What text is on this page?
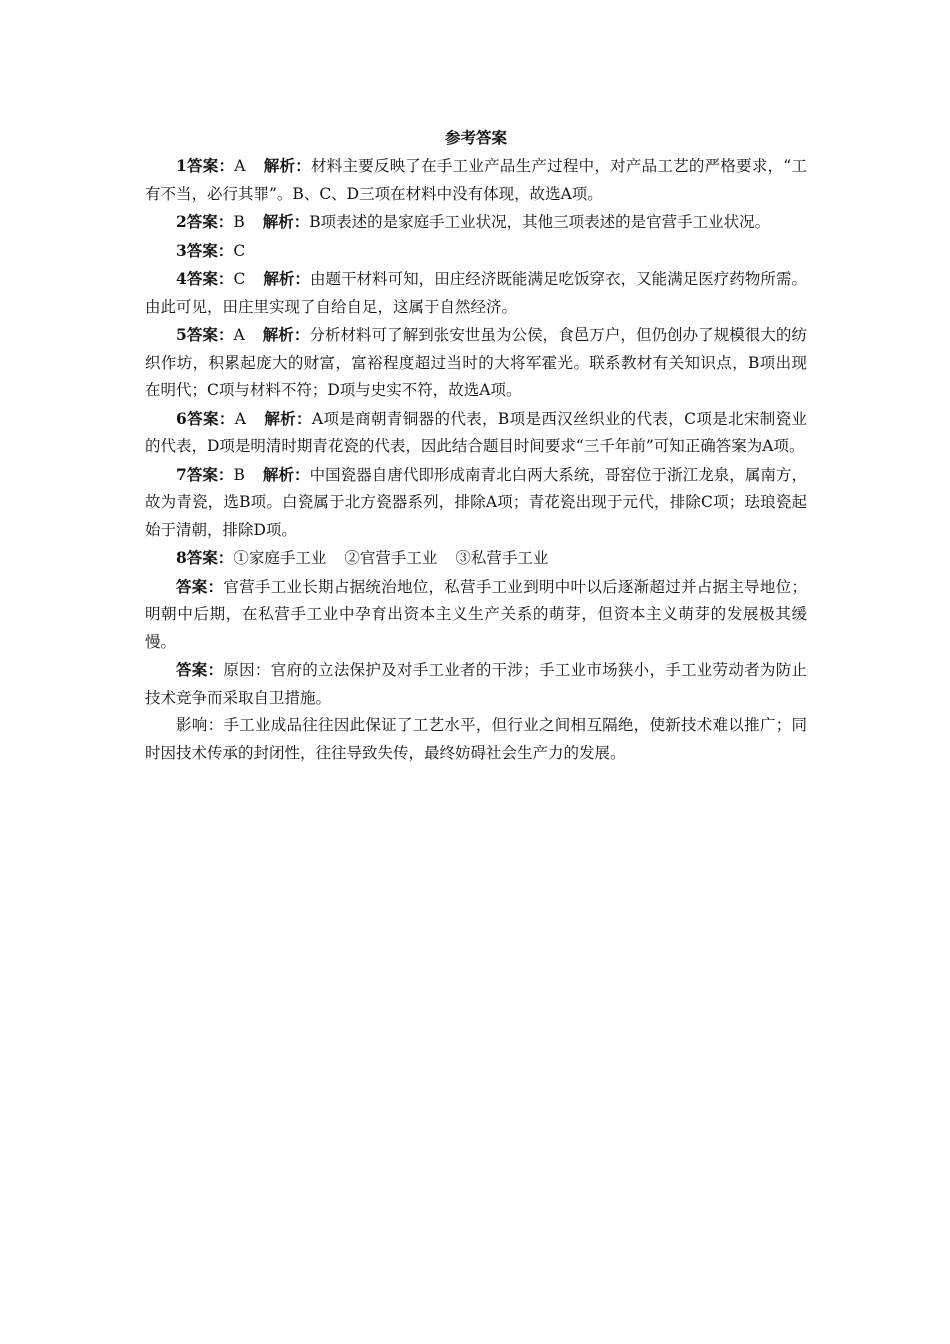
参考答案

1答案：A 解析：材料主要反映了在手工业产品生产过程中，对产品工艺的严格要求，“工有不当，必行其罪”。B、C、D三项在材料中没有体现，故选A项。

2答案：B 解析：B项表述的是家庭手工业状况，其他三项表述的是官营手工业状况。

3答案：C

4答案：C 解析：由题干材料可知，田庄经济既能满足吃饭穿衣，又能满足医疗药物所需。由此可见，田庄里实现了自给自足，这属于自然经济。

5答案：A 解析：分析材料可了解到张安世虽为公侯，食邑万户，但仍创办了规模很大的纺织作坊，积累起庞大的财富，富裕程度超过当时的大将军霍光。联系教材有关知识点，B项出现在明代；C项与材料不符；D项与史实不符，故选A项。

6答案：A 解析：A项是商朝青铜器的代表，B项是西汉丝织业的代表，C项是北宋制瓷业的代表，D项是明清时期青花瓷的代表，因此结合题目时间要求“三千年前”可知正确答案为A项。

7答案：B 解析：中国瓷器自唐代即形成南青北白两大系统，哥窑位于浙江龙泉，属南方，故为青瓷，选B项。白瓷属于北方瓷器系列，排除A项；青花瓷出现于元代，排除C项；珐琅瓷起始于清朝，排除D项。

8答案：①家庭手工业 ②官营手工业 ③私营手工业

答案：官营手工业长期占据统治地位，私营手工业到明中叶以后逐渐超过并占据主导地位；明朝中后期，在私营手工业中孕育出资本主义生产关系的萌芽，但资本主义萌芽的发展极其缓慢。

答案：原因：官府的立法保护及对手工业者的干涉；手工业市场狭小，手工业劳动者为防止技术竞争而采取自卫措施。

影响：手工业成品往往因此保证了工艺水平，但行业之间相互隔绝，使新技术难以推广；同时因技术传承的封闭性，往往导致失传，最终妨碍社会生产力的发展。
